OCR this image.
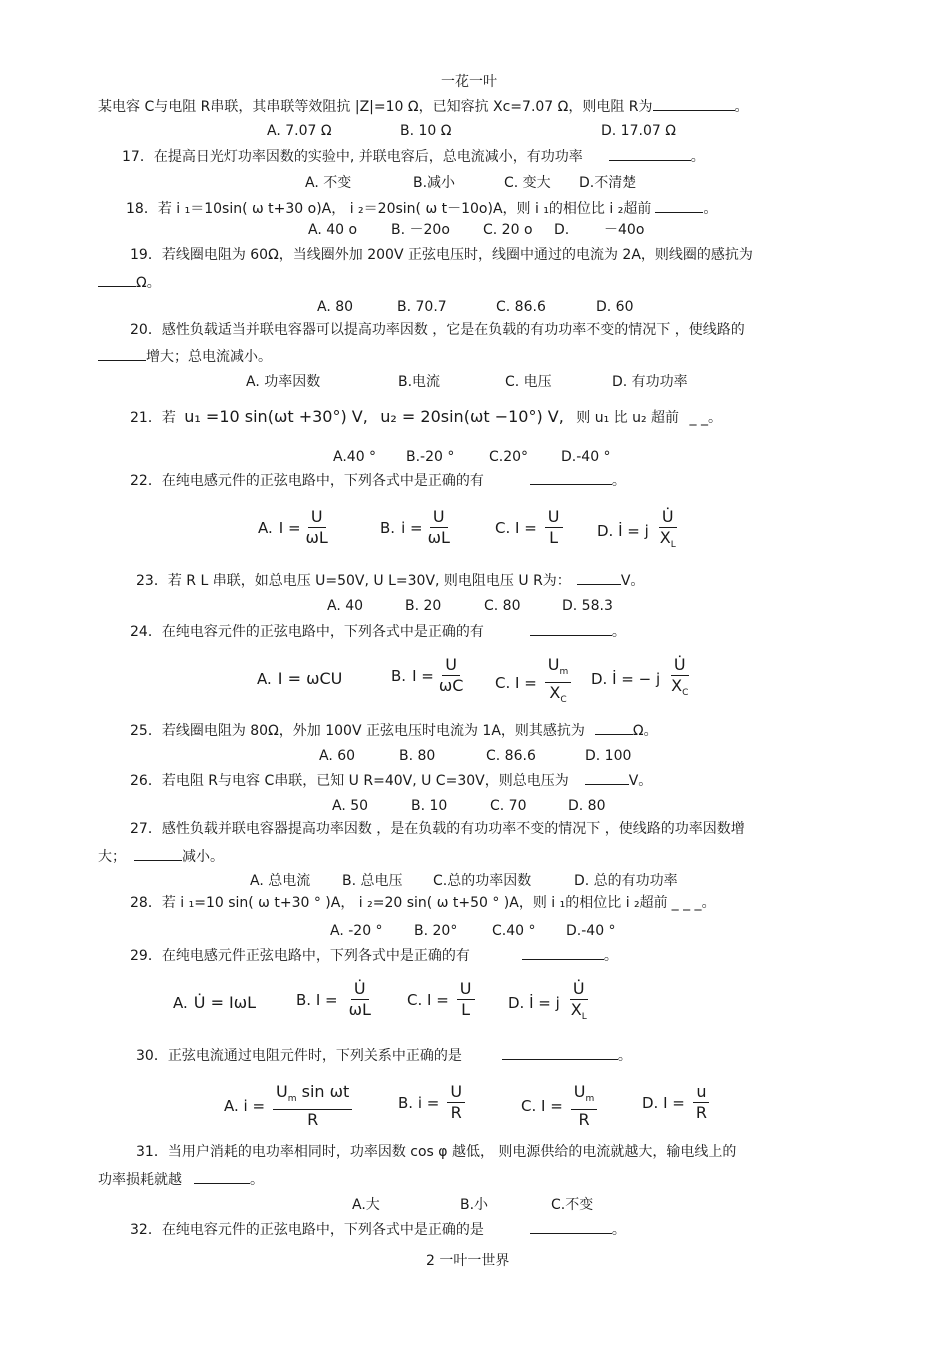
一花一叶
某电容 C与电阻 R串联，其串联等效阻抗 |Z|=10 Ω，已知容抗 Xc=7.07 Ω，则电阻 R为	。
A. 7.07 Ω	B. 10 Ω	D. 17.07 Ω
17．在提高日光灯功率因数的实验中, 并联电容后，总电流减小，有功功率	。
A. 不变	B.减小	C. 变大 D.不清楚
18．若 i ₁＝10sin( ω t+30 o)A， i ₂＝20sin( ω t－10o)A，则 i ₁的相位比 i ₂超前	。
A. 40 o B. －20o C. 20 o D. －40o
19．若线圈电阻为 60Ω，当线圈外加 200V 正弦电压时，线圈中通过的电流为 2A，则线圈的感抗为
Ω。
A. 80	B. 70.7	C. 86.6	D. 60
20．感性负载适当并联电容器可以提高功率因数 ，它是在负载的有功功率不变的情况下 ，使线路的
增大；总电流减小。
A. 功率因数	B.电流	C. 电压	D. 有功功率
21．若 u₁ =10 sin(ωt +30°) V, u₂ = 20sin(ωt −10°) V, 则 u₁ 比 u₂ 超前 _ _。
A.40 ° B.-20 ° C.20° D.-40 °
22．在纯电感元件的正弦电路中，下列各式中是正确的有	。
A. $I = \frac{U}{\omega L}$	B. $i = \frac{U}{\omega L}$	C. $I = \frac{U}{L} D$. İ = j
U̇
$X_L$
23．若 R L 串联，如总电压 U=50V, U L=30V, 则电阻电压 U R为：	V。
A. 40	B. 20	C. 80	D. 58.3
24．在纯电容元件的正弦电路中，下列各式中是正确的有	。
A. I = ωCU	B. $I = \frac{U}{\omega C} C$. $I = \frac{U_m}{X_C} D$. İ = − j
U̇
$X_C$
25．若线圈电阻为 80Ω，外加 100V 正弦电压时电流为 1A，则其感抗为	Ω。
A. 60	B. 80	C. 86.6	D. 100
26．若电阻 R与电容 C串联，已知 U R=40V, U C=30V，则总电压为	V。
A. 50	B. 10	C. 70	D. 80
27．感性负载并联电容器提高功率因数 ，是在负载的有功功率不变的情况下 ，使线路的功率因数增
大；	减小。
A. 总电流 B. 总电压 C.总的功率因数	D. 总的有功功率
28．若 i ₁=10 sin( ω t+30 ° )A， i ₂=20 sin( ω t+50 ° )A，则 i ₁的相位比 i ₂超前 _ _ _。
A. -20 ° B. 20° C.40 ° D.-40 °
29．在纯电感元件正弦电路中，下列各式中是正确的有	。
A. U̇ = IωL	B. $I = \frac{U̇}{\omega L} C$. $I = \frac{U}{L} D$. İ = j
U̇
$X_L$
30．正弦电流通过电阻元件时，下列关系中正确的是	。
A. $i = \frac{U_m \sin \omega t}{R}$	B. $i = \frac{U}{R}$	C. $I = \frac{U_m}{R}$	D. $I = \frac{u}{R}$
31．当用户消耗的电功率相同时，功率因数 cos φ 越低， 则电源供给的电流就越大，输电线上的
功率损耗就越	。
A.大	B.小	C.不变
32．在纯电容元件的正弦电路中，下列各式中是正确的是	。
2 一叶一世界
